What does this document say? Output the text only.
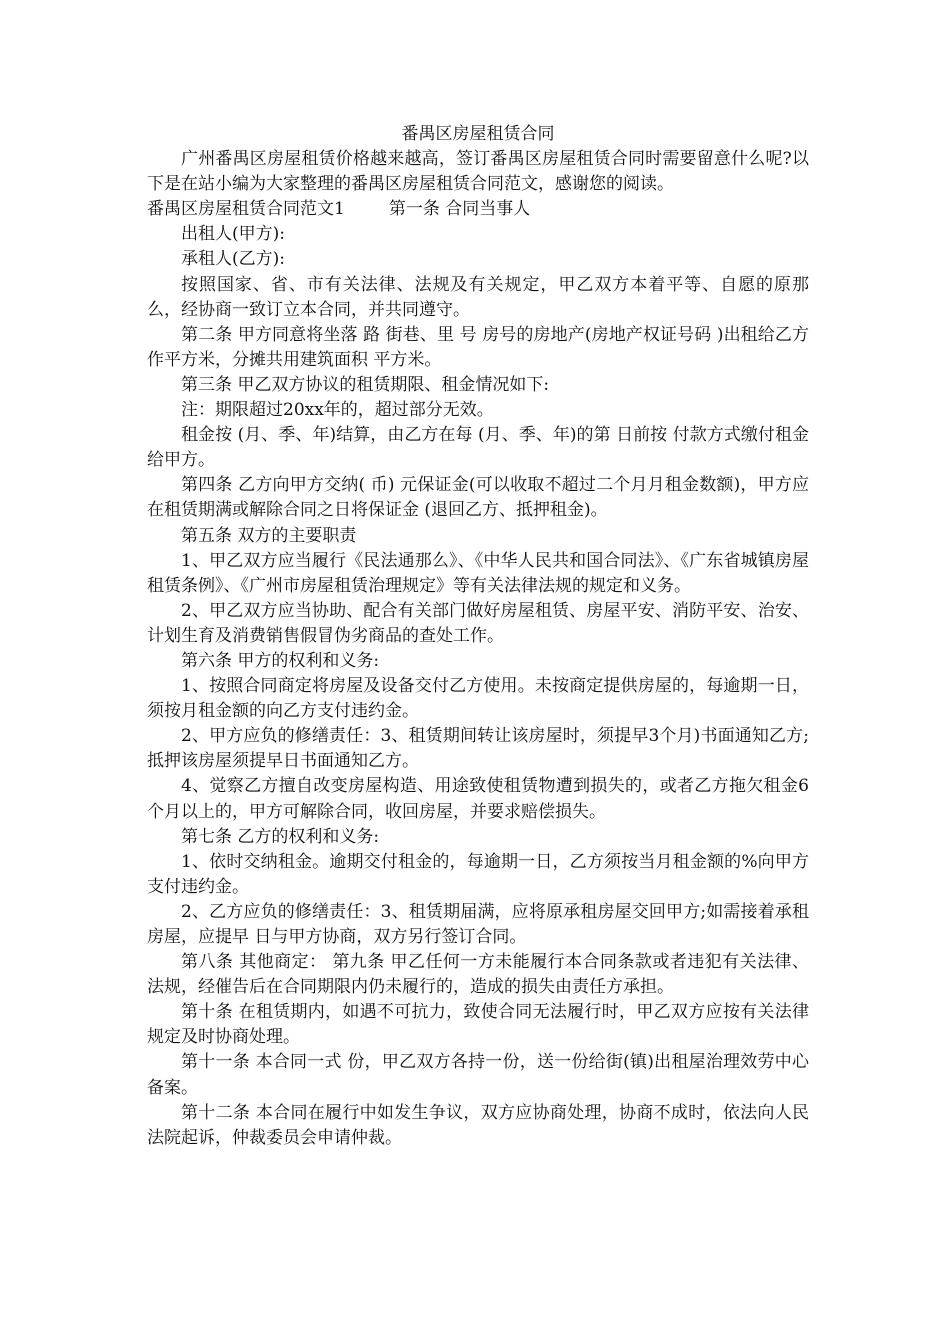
番禺区房屋租赁合同

广州番禺区房屋租赁价格越来越高，签订番禺区房屋租赁合同时需要留意什么呢?以下是在站小编为大家整理的番禺区房屋租赁合同范文，感谢您的阅读。

番禺区房屋租赁合同范文1	第一条 合同当事人

出租人(甲方):

承租人(乙方):

按照国家、省、市有关法律、法规及有关规定，甲乙双方本着平等、自愿的原那么，经协商一致订立本合同，并共同遵守。

第二条 甲方同意将坐落 路 街巷、里 号 房号的房地产(房地产权证号码 )出租给乙方作平方米，分摊共用建筑面积 平方米。

第三条 甲乙双方协议的租赁期限、租金情况如下:

注：期限超过20xx年的，超过部分无效。

租金按 (月、季、年)结算，由乙方在每 (月、季、年)的第 日前按 付款方式缴付租金给甲方。

第四条 乙方向甲方交纳( 币) 元保证金(可以收取不超过二个月月租金数额)，甲方应在租赁期满或解除合同之日将保证金 (退回乙方、抵押租金)。

第五条 双方的主要职责

1、甲乙双方应当履行《民法通那么》、《中华人民共和国合同法》、《广东省城镇房屋租赁条例》、《广州市房屋租赁治理规定》等有关法律法规的规定和义务。

2、甲乙双方应当协助、配合有关部门做好房屋租赁、房屋平安、消防平安、治安、计划生育及消费销售假冒伪劣商品的查处工作。

第六条 甲方的权利和义务:

1、按照合同商定将房屋及设备交付乙方使用。未按商定提供房屋的，每逾期一日，须按月租金额的向乙方支付违约金。

2、甲方应负的修缮责任：3、租赁期间转让该房屋时，须提早3个月)书面通知乙方;抵押该房屋须提早日书面通知乙方。

4、觉察乙方擅自改变房屋构造、用途致使租赁物遭到损失的，或者乙方拖欠租金6个月以上的，甲方可解除合同，收回房屋，并要求赔偿损失。

第七条 乙方的权利和义务:

1、依时交纳租金。逾期交付租金的，每逾期一日，乙方须按当月租金额的%向甲方支付违约金。

2、乙方应负的修缮责任：3、租赁期届满，应将原承租房屋交回甲方;如需接着承租房屋，应提早 日与甲方协商，双方另行签订合同。

第八条 其他商定： 第九条 甲乙任何一方未能履行本合同条款或者违犯有关法律、法规，经催告后在合同期限内仍未履行的，造成的损失由责任方承担。

第十条 在租赁期内，如遇不可抗力，致使合同无法履行时，甲乙双方应按有关法律规定及时协商处理。

第十一条 本合同一式 份，甲乙双方各持一份，送一份给街(镇)出租屋治理效劳中心备案。

第十二条 本合同在履行中如发生争议，双方应协商处理，协商不成时，依法向人民法院起诉，仲裁委员会申请仲裁。
